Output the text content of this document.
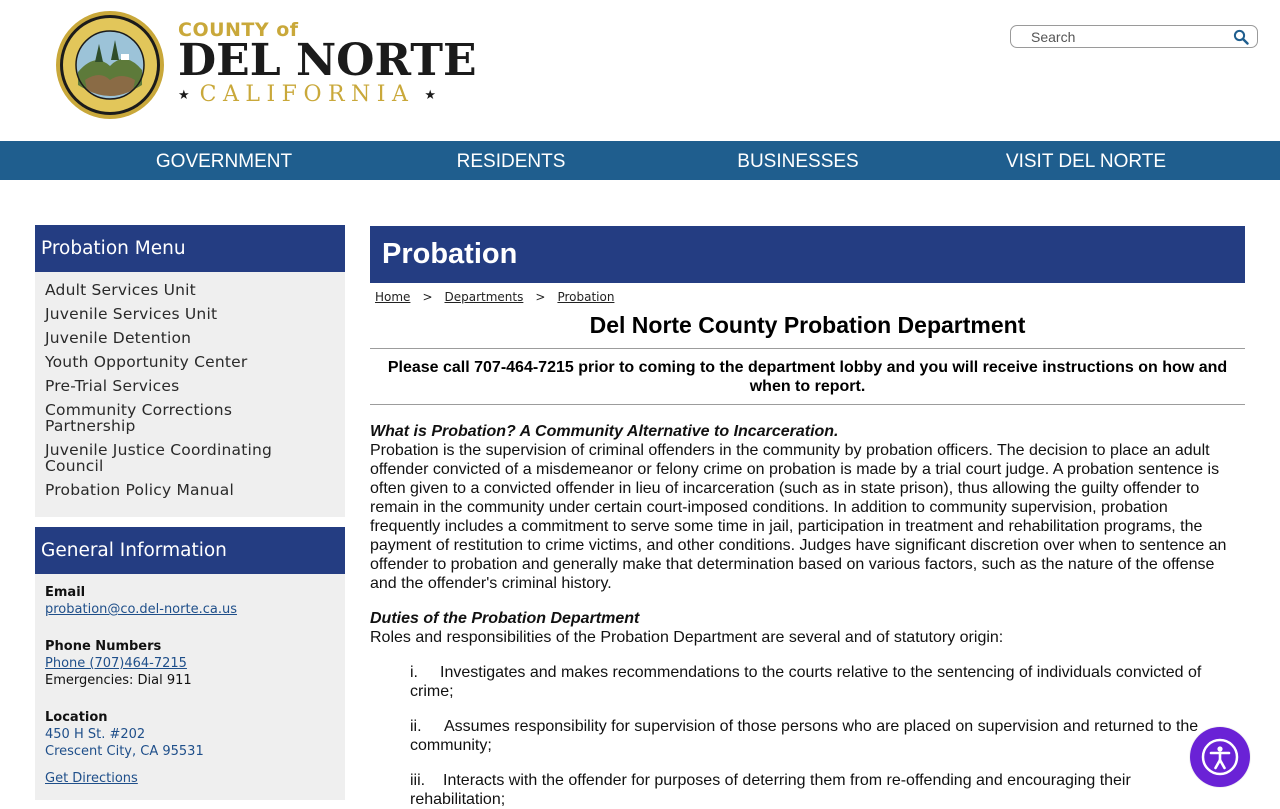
COUNTY of
DEL NORTE
★ CALIFORNIA ★
Search
GOVERNMENT	RESIDENTS	BUSINESSES	VISIT DEL NORTE
Probation Menu
Adult Services Unit
Juvenile Services Unit
Juvenile Detention
Youth Opportunity Center
Pre-Trial Services
Community Corrections Partnership
Juvenile Justice Coordinating Council
Probation Policy Manual
General Information
Email
probation@co.del-norte.ca.us
Phone Numbers
Phone (707)464-7215
Emergencies: Dial 911
Location
450 H St. #202
Crescent City, CA 95531
Get Directions
Probation
Home > Departments > Probation
Del Norte County Probation Department
Please call 707-464-7215 prior to coming to the department lobby and you will receive instructions on how and when to report.
What is Probation? A Community Alternative to Incarceration.
Probation is the supervision of criminal offenders in the community by probation officers. The decision to place an adult offender convicted of a misdemeanor or felony crime on probation is made by a trial court judge. A probation sentence is often given to a convicted offender in lieu of incarceration (such as in state prison), thus allowing the guilty offender to remain in the community under certain court-imposed conditions. In addition to community supervision, probation frequently includes a commitment to serve some time in jail, participation in treatment and rehabilitation programs, the payment of restitution to crime victims, and other conditions. Judges have significant discretion over when to sentence an offender to probation and generally make that determination based on various factors, such as the nature of the offense and the offender's criminal history.
Duties of the Probation Department
Roles and responsibilities of the Probation Department are several and of statutory origin:
i. Investigates and makes recommendations to the courts relative to the sentencing of individuals convicted of crime;
ii. Assumes responsibility for supervision of those persons who are placed on supervision and returned to the community;
iii. Interacts with the offender for purposes of deterring them from re-offending and encouraging their rehabilitation;
